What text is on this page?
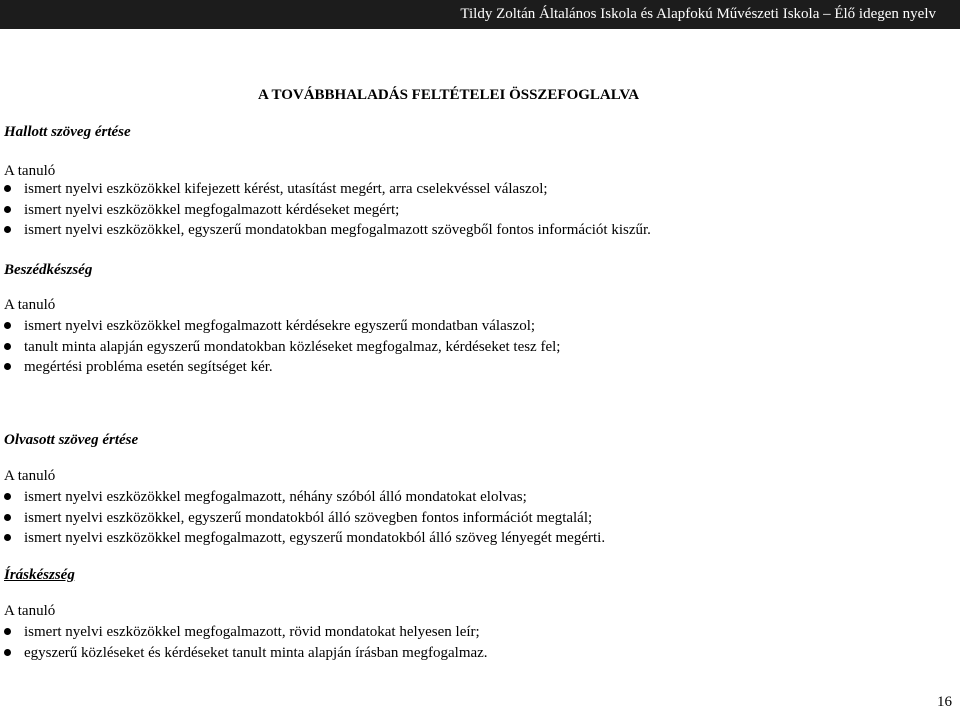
Tildy Zoltán Általános Iskola és Alapfokú Művészeti Iskola – Élő idegen nyelv
A TOVÁBBHALADÁS FELTÉTELEI ÖSSZEFOGLALVA
Hallott szöveg értése
A tanuló
ismert nyelvi eszközökkel kifejezett kérést, utasítást megért, arra cselekvéssel válaszol;
ismert nyelvi eszközökkel megfogalmazott kérdéseket megért;
ismert nyelvi eszközökkel, egyszerű mondatokban megfogalmazott szövegből fontos információt kiszűr.
Beszédkészség
A tanuló
ismert nyelvi eszközökkel megfogalmazott kérdésekre egyszerű mondatban válaszol;
tanult minta alapján egyszerű mondatokban közléseket megfogalmaz, kérdéseket tesz fel;
megértési probléma esetén segítséget kér.
Olvasott szöveg értése
A tanuló
ismert nyelvi eszközökkel megfogalmazott, néhány szóból álló mondatokat elolvas;
ismert nyelvi eszközökkel, egyszerű mondatokból álló szövegben fontos információt megtalál;
ismert nyelvi eszközökkel megfogalmazott, egyszerű mondatokból álló szöveg lényegét megérti.
Íráskészség
A tanuló
ismert nyelvi eszközökkel megfogalmazott, rövid mondatokat helyesen leír;
egyszerű közléseket és kérdéseket tanult minta alapján írásban megfogalmaz.
16
